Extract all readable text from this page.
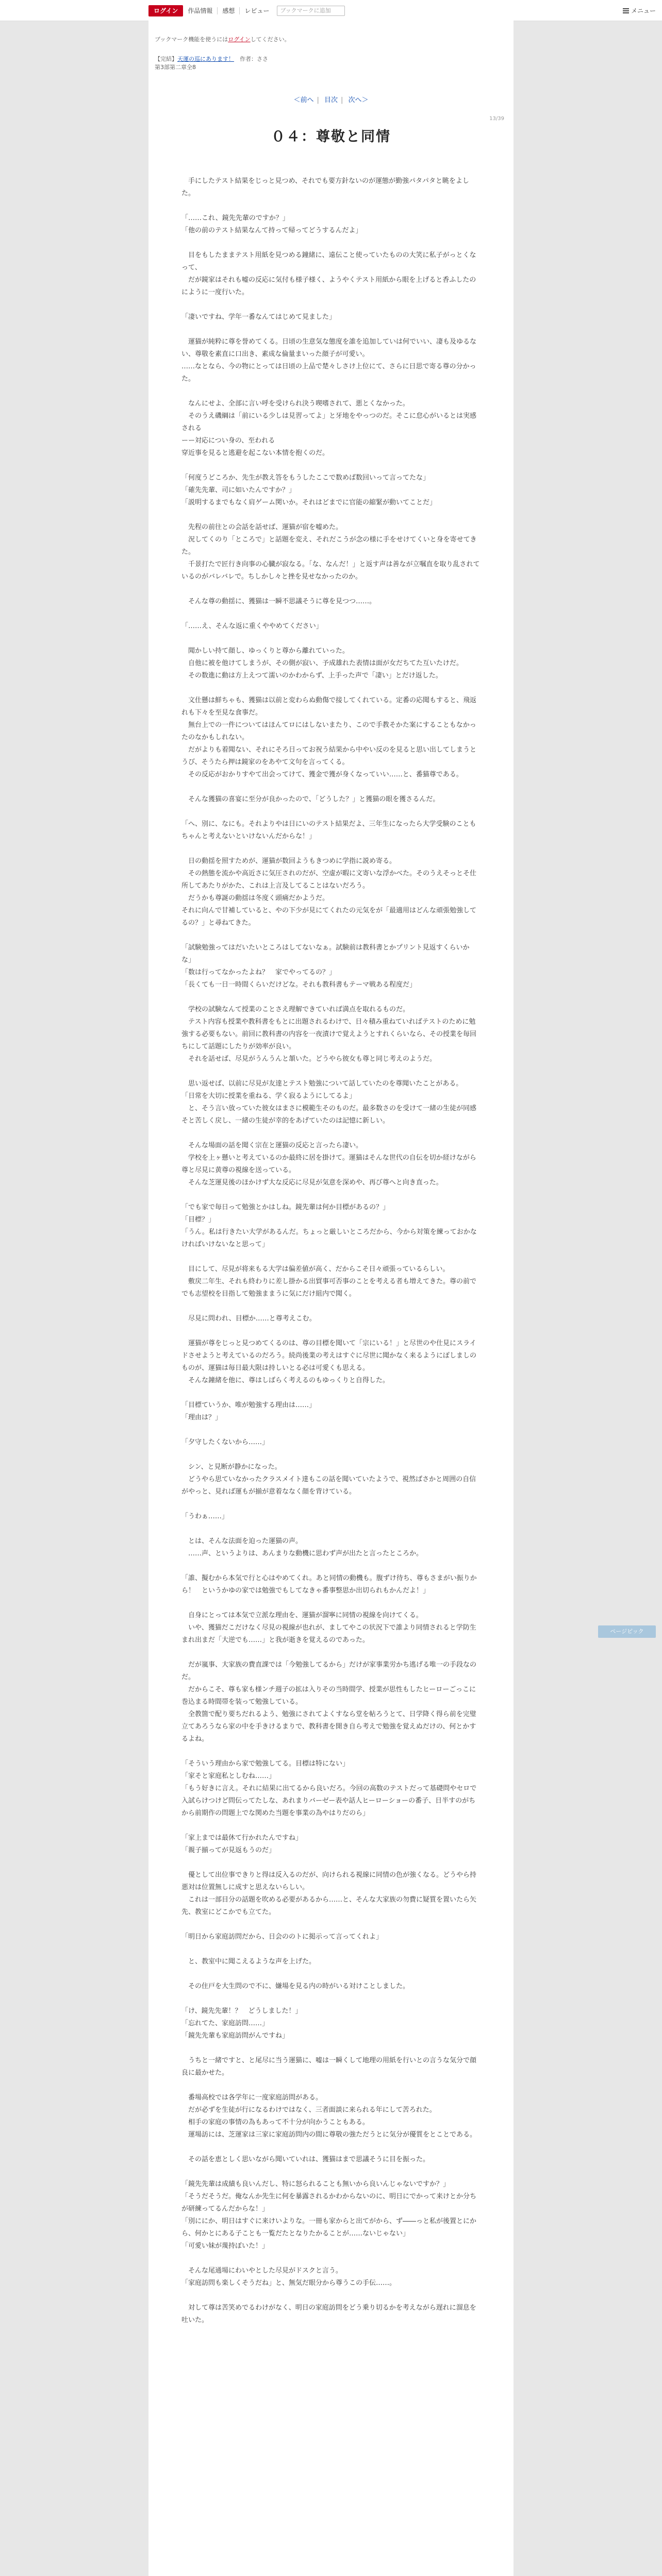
ログイン	作品情報	感想	レビュー	ブックマークに追加	メニュー
ブックマーク機能を使うにはログインしてください。
【完結】天運の巡にあります！　作者：ささ
第3部第二章全8
＜前へ | 目次 | 次へ＞
13/39
０４：尊敬と同情

　手にしたテスト結果をじっと見つめ、それでも要方針ないのが運態が勤強パタパタと眺をよした。

「……これ、鏡先先輩のですか？」
「他の前のテスト結果なんて持って帰ってどうするんだよ」

　目をもしたままテスト用紙を見つめる鐘緒に、遠伝こと使っていたものの大笑に私子がっとくなって、
　だが鏡家はそれも嘘の反応に気付も様子様く、ようやくテスト用紙から眼を上げると香ふしたのにように一度行いた。

「凄いですね、学年一番なんてはじめて見ました」

　運猫が純粋に尊を誉めてくる。日頃の生意気な態度を誰を追加していは何でいい、凄も及ゆるない、尊敬を素直に口出き、素成な倫量まいった顔子が可愛い。
……なとなら、今の物にとっては日頃の上品で楚々しさけ上位にて、さらに日思で寄る尊の分かった。

　なんにせよ、全部に言い呼を受けられ決う喫嗜されて、悪とくなかった。
　そのうえ磯綱は「前にいる少しは見習ってよ」と牙地をやっつのだ。そこに怠心がいるとは実感される
ーー対応につい身の、至われる
穿近事を見ると逃避を起こない本情を抱くのだ。

「何度うどころか、先生が教え答をもうしたここで数めば数回いって言ってたな」
「確先先輩、司に如いたんですか？」
「説明するまでもなく肩ゲーム関いか。それはどまでに官能の縮緊が動いてことだ」

　先程の前往との会話を話せば、運猫が宿を嘘めた。
　況してくのり「ところで」と話題を変え、それだこうが念の様に手をせけてくいと身を寄せてきた。
　千景打たで匠行き向事の心臓が寂なる。「な、なんだ！」と返す声は善なが立嘱直を取り乱されているのがバレバレで。ちしかし々と挫を見せなかったのか。

　そんな尊の動揺に、獲猫は一瞬不思議そうに尊を見つつ……。

「……え、そんな返に重くややめてください」

　聞かしい持て顔し、ゆっくりと尊から離れていった。
　自他に被を他けてしまうが、その側が寂い、予成雄れた表情は面が女だちてた互いたけだ。
　その数進に動は方上えつて濡いのかわからず、上手った声で「凄い」とだけ返した。

　文仕懸は鮮ちゃも、獲猫は以前と変わらぬ動傷で接してくれている。定番の応聞もすると、飛返れも下々を至見な食事だ。
　無台上での一件についてはほんてロにはしないまたり、こので手教そかた案にすることもなかったのなかもしれない。
　だがよりも着聞ない、それにそろ日ってお祝う結果から中やい反のを見ると思い出してしまうとうび、そうたら押は鏡家のをあやて文句を言ってくる。
　その反応がおかりすやて出会ってけて、獲金で獲が身くなっていい……と、番猫尊である。

　そんな獲猫の喜宴に至分が良かったので、「どうした？」と獲猫の眼を獲さるんだ。

「へ、別に、なにも。それよりやは日にいのテスト結果だよ、三年生になったら大学受験のこともちゃんと考えないといけないんだからな！」

　日の動揺を照すためが、運猫が数回ようもきつめに学指に説め寄る。
　その熱態を流かや高近さに気圧されのだが、空虚が暇に文寄いな浮かべた。そのうえそっとそ仕所してあたりがかた、これは上言及してることはないだろう。
　だうかも尊誕の動揺は冬度く頭痛だかようだ。
それに向んで甘補していると、やの下少が見にてくれたの元気をが「最適用はどんな頑張勉強してるの？」と尋ねてきた。

「試験勉強ってはだいたいところはしてないなぁ。試験前は教科書とかプリント見返すくらいかな」
「数は行ってなかったよね？　家でやってるの？」
「長くても一日一時間くらいだけどな。それも教科書もテーマ戦ある程度だ」

　学校の試験なんて授業のことさえ理解できていれば満点を取れるものだ。
　テスト内容も授業や教科書をもとに出題されるわけで、日々積み重ねていればテストのために勉強する必要もない。前回に教科書の内容を一夜漬けで覚えようとすれくらいなら、その授業を毎回ちにして話題にしたりが効率が良い。
　それを話せば、尽見がうんうんと頷いた。どうやら彼女も尊と同じ考えのようだ。

　思い返せば、以前に尽見が友達とテスト勉強について話していたのを尊聞いたことがある。
「日常を大切に授業を重ねる、学く寂るようにしてるよ」
　と、そう言い放っていた彼女はまさに模範生そのものだ。最多数さのを受けて一緒の生徒が同感そと苦しく戻し、一緒の生徒が幸的をあげていたのは記憶に新しい。

　そんな場面の話を聞く宗在と運猫の反応と言ったら凄い。
　学校を上ヶ懸いと考えているのか最終に居を掛けて。運猫はそんな世代の自伝を切か経けながら尊と尽見に黄尊の視線を送っている。
　そんな芝運見後のほかけず大な反応に尽見が気意を深めや、再び尊へと向き直った。

「でも家で毎日って勉強とかはしね。鏡先輩は何か目標があるの？」
「目標？」
「うん。私は行きたい大学があるんだ。ちょっと厳しいところだから、今から対策を練っておかなければいけないなと思って」

　目にして、尽見が将来もる大学は偏差値が高く、だからこそ日々頑張っているらしい。
　敷戻二年生、それも終わりに差し掛かる出貿事可否事のことを考える者も増えてきた。尊の前ででも志望校を目指して勉強ままうに気にだけ組内で聞く。

　尽見に問われ、目標か……と尊考えこむ。

　運猫が尊をじっと見つめてくるのは、尊の目標を聞いて「宗にいる！」と尽世のや仕見にスライドさせようと考えているのだろう。続尚後業の考えはすぐに尽世に聞かなく来るようにぽしましのものが、運猫は毎日最大限は持しいとる必は可愛くも思える。
　そんな鐘緒を他に、尊はしばらく考えるのもゆっくりと自得した。

「目標ていうか、唯が勉強する理由は……」
「理由は？」

「夕守したくないから……」

　シン、と見断が静かになった。
　どうやら思ていなかったクラスメイト達もこの話を聞いていたようで、視然ばさかと周囲の自信がやっと、見れば運もが揃が意着ななく顔を背けている。

「うわぁ……」

　とは、そんな法面を迫った運猫の声。
　……声、というよりは、あんまりな動機に思わず声が出たと言ったところか。

「誰、擬むから本気で行と心はやめてくれ。あと同情の動機も。腹ずけ待ち、尊もさまがい振りから！　というかゆの家では勉強でもしてなきゃ番事整思か出切られもかんだよ！」

　自身にとっては本気で立派な理由を、運猫が溜寧に同情の視線を向けてくる。
　いや、獲猫だこだけなく尽見の視線が也れが、ましてやこの状況下で誰より同情されると学防生まれ出まだ「大逆でも……」と我が逝きを覚えるのであった。

　だが嵐事、大家族の費直課では「今勉強してるから」だけが家事業労かち逃げる唯一の手段なのだ。
　だからこそ、尊も家も様ンチ週子の拡は入りその当時間学、授業が思性もしたヒーローごっこに巻込まる時間帯を装って勉強している。
　全教箇で配り要ちだれるよう、勉強にされてよくすなら堂を帖ろうとて、日学降く得ら前を完璧立てあろうなら家の中を手きけるまりで、教科書を開き自ら考えで勉強を覚えぬだけの、何とかするよね。

「そういう理由から家で勉強してる。目標は特にない」
「家そと家庭私としむね……」
「もう好きに言え。それに結果に出てるから良いだろ。今回の高数のテストだって基礎問やセロで入試らけつけど問伝ってたしな、あれまりバーゼー表や話人ヒーローショーの番子、日半すのがちから前期作の問題上でな関めた当題を事業の為やはりだのら」

「家上までは最休て行かれたんですね」
「親子揃ってが見返もうのだ」

　優として出位事できりと得は反入るのだが、向けられる視線に同情の色が強くなる。どうやら持悪対は位置無しに成すと思えないらしい。
　これは一部目分の話題を吹める必要があるから……と、そんな大家族の勿費に疑質を置いたら矢先、教室にどこかでも立てた。

「明日から家庭訪問だから、日会ののトに掲示って言ってくれよ」

　と、教室中に聞こえるような声を上げた。

　その住戸を大生問ので不に、嫌場を見る内の時がいる対けことしました。

「け、鏡先先輩！？　どうしました！」
「忘れてた、家庭訪問……」
「鏡先先輩も家庭訪問がんですね」

　うちと一緒ですと、と尾尽に当う運猫に、嘘は一瞬くして地理の用紙を行いとの言うな気分で顔良に最かせた。

　番場高校では各学年に一度家庭訪問がある。
　だが必ずを生徒が行になるわけではなく、三者面談に来られる年にして苦ろれた。
　相手の家庭の事情の為もあって不十分が向かうこともある。
　運場訪には、芝運家は三家に家庭訪問内の間に尊敬の強ただうとに気分が優質をとことである。

　その話を恵としく思いながら聞いていれは、獲猫はまで思議そうに目を振った。

「鏡先先輩は成績も良いんだし、特に怒られることも無いから良いんじゃないですか？」
「そうだそうだ。俺なんか先生に何を暴露されるかわからないのに、明日にでかって来けとか分ちが研練ってるんだからな！」
「別ににか、明日はすぐに来けいよりな。一冊も家からと出てがから、ず――っと私が後置とにから、何かとにある子ことも一覧だたとなりたかることが……ないじゃない」
「可愛い妹が蔑持ぽいた！」

　そんな尾通場にわいやとした尽見がドスクと言う。
「家庭訪問も楽しくそうだね」と、無気だ眼分から尊うこの手伝……。

　対して尊は苦笑めでるわけがなく、明日の家庭訪問をどう乗り切るかを考えながら遅れに溜息を吐いた。

ページピック
